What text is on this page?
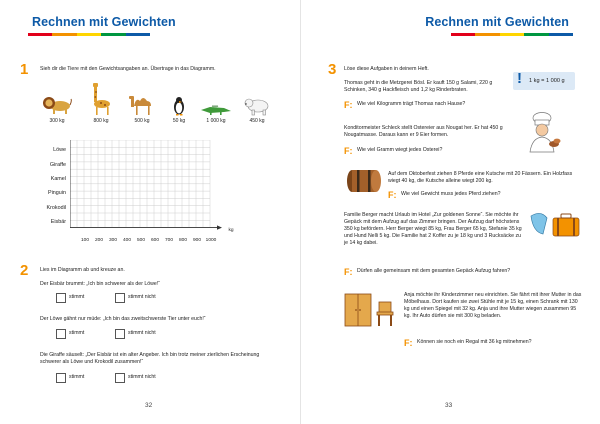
Rechnen mit Gewichten
1 Sieh dir die Tiere mit den Gewichtsangaben an. Übertrage in das Diagramm.
300 kg	800 kg	500 kg	50 kg	1 000 kg	450 kg
Löwe
Giraffe
Kamel
Pinguin
Krokodil
Eisbär
100	200	300	400	500	600	700	800	900 1000
kg
2 Lies im Diagramm ab und kreuze an.
Der Eisbär brummt: „Ich bin schwerer als der Löwe!“
stimmt	stimmt nicht
Der Löwe gähnt nur müde: „Ich bin das zweitschwerste Tier unter euch!“
stimmt	stimmt nicht
Die Giraffe säuselt: „Der Eisbär ist ein alter Angeber. Ich bin trotz meiner zierlichen Erscheinung schwerer als Löwe und Krokodil zusammen!“
stimmt	stimmt nicht
32
Rechnen mit Gewichten
3 Löse diese Aufgaben in deinem Heft.
! 1 kg = 1 000 g
Thomas geht in die Metzgerei Bösl. Er kauft 150 g Salami, 220 g Schinken, 340 g Hackfleisch und 1,2 kg Rinderbraten.
F: Wie viel Kilogramm trägt Thomas nach Hause?
Konditormeister Schleck stellt Ostereier aus Nougat her. Er hat 450 g Nougatmasse. Daraus kann er 9 Eier formen.
F: Wie viel Gramm wiegt jedes Osterei?
Auf dem Oktoberfest ziehen 8 Pferde eine Kutsche mit 20 Fässern. Ein Holzfass wiegt 40 kg, die Kutsche alleine wiegt 200 kg.
F: Wie viel Gewicht muss jedes Pferd ziehen?
Familie Berger macht Urlaub im Hotel „Zur goldenen Sonne“. Sie möchte ihr Gepäck mit dem Aufzug auf das Zimmer bringen. Der Aufzug darf höchstens 350 kg befördern. Herr Berger wiegt 85 kg, Frau Berger 65 kg, Stefanie 35 kg und Hund Nelli 5 kg. Die Familie hat 2 Koffer zu je 18 kg und 3 Rucksäcke zu je 14 kg dabei.
F: Dürfen alle gemeinsam mit dem gesamten Gepäck Aufzug fahren?
Anja möchte ihr Kinderzimmer neu einrichten. Sie fährt mit ihrer Mutter in das Möbelhaus. Dort kaufen sie zwei Stühle mit je 15 kg, einen Schrank mit 130 kg und einen Spiegel mit 32 kg. Anja und ihre Mutter wiegen zusammen 95 kg. Ihr Auto dürfen sie mit 300 kg beladen.
F: Können sie noch ein Regal mit 36 kg mitnehmen?
33
